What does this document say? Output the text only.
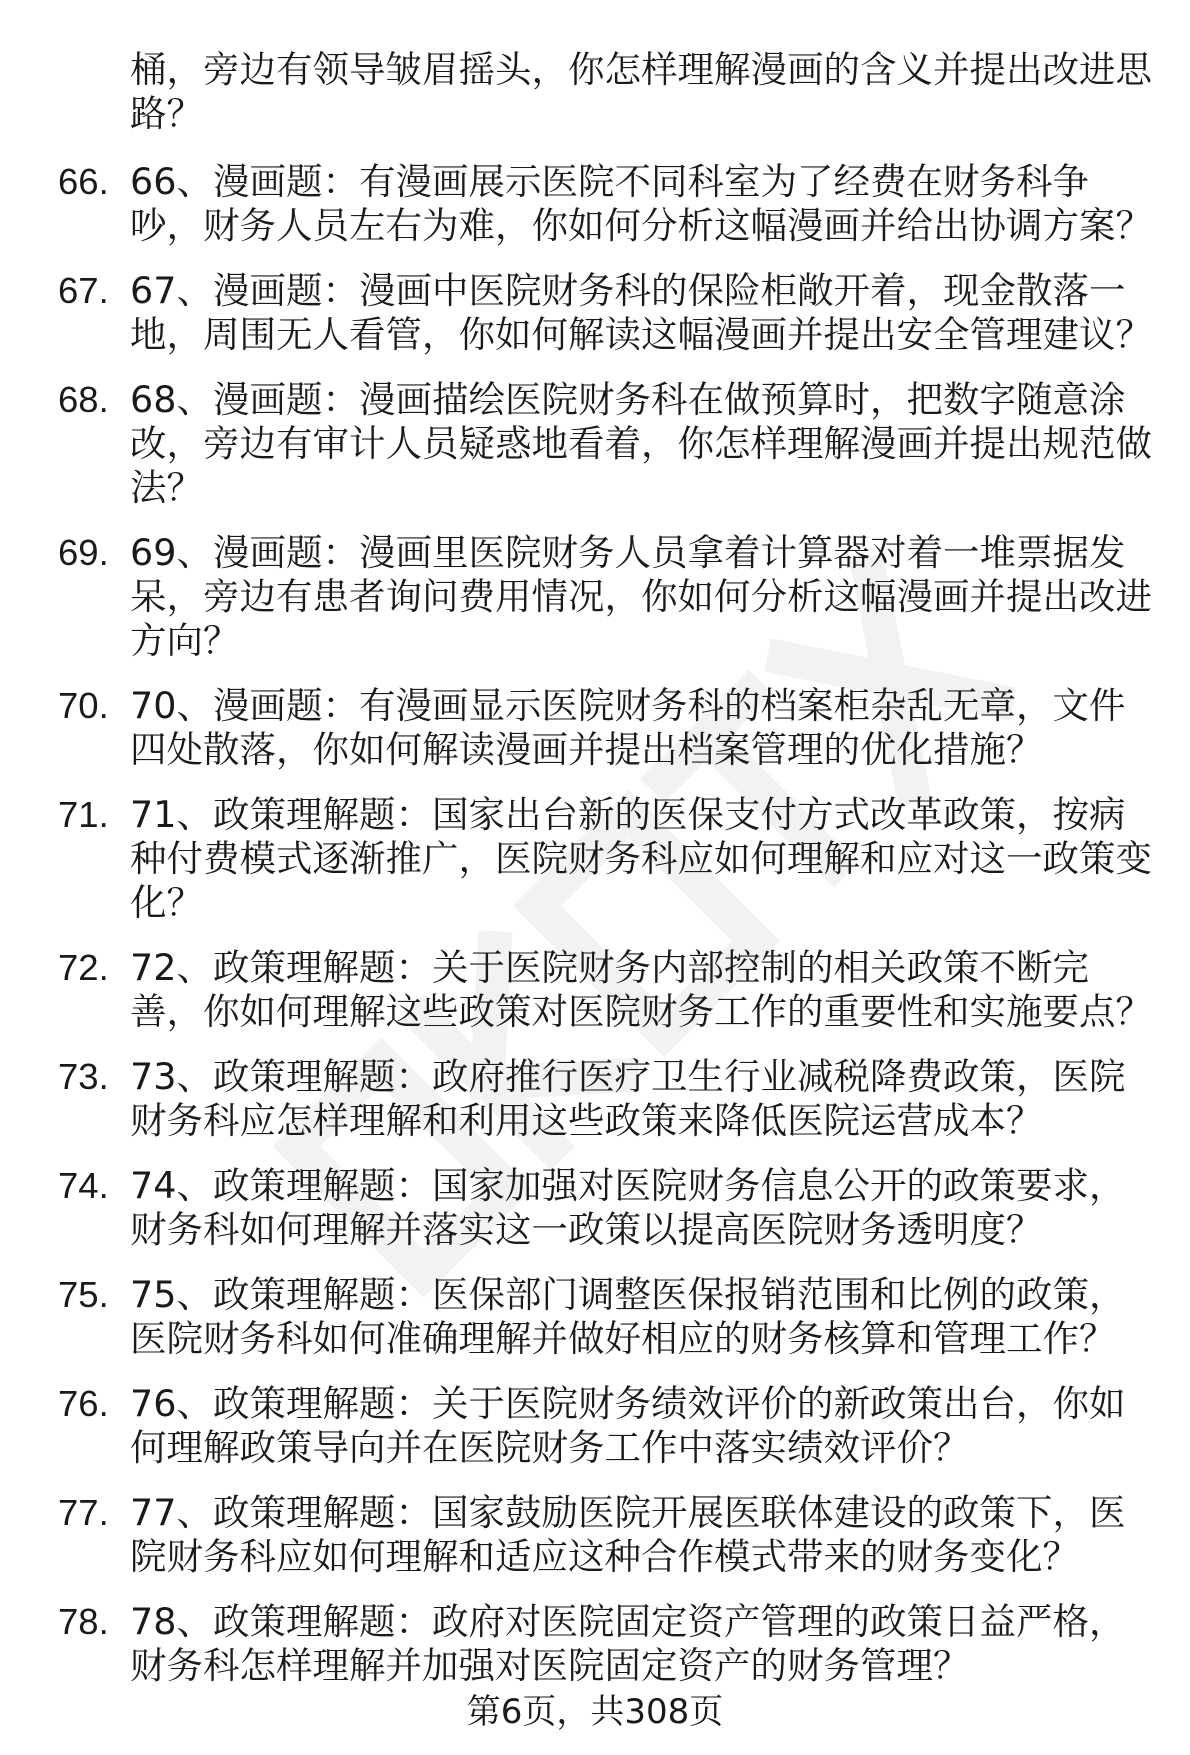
桶，旁边有领导皱眉摇头，你怎样理解漫画的含义并提出改进思路？
66. 66、漫画题：有漫画展示医院不同科室为了经费在财务科争吵，财务人员左右为难，你如何分析这幅漫画并给出协调方案？
67. 67、漫画题：漫画中医院财务科的保险柜敞开着，现金散落一地，周围无人看管，你如何解读这幅漫画并提出安全管理建议？
68. 68、漫画题：漫画描绘医院财务科在做预算时，把数字随意涂改，旁边有审计人员疑惑地看着，你怎样理解漫画并提出规范做法？
69. 69、漫画题：漫画里医院财务人员拿着计算器对着一堆票据发呆，旁边有患者询问费用情况，你如何分析这幅漫画并提出改进方向？
70. 70、漫画题：有漫画显示医院财务科的档案柜杂乱无章，文件四处散落，你如何解读漫画并提出档案管理的优化措施？
71. 71、政策理解题：国家出台新的医保支付方式改革政策，按病种付费模式逐渐推广，医院财务科应如何理解和应对这一政策变化？
72. 72、政策理解题：关于医院财务内部控制的相关政策不断完善，你如何理解这些政策对医院财务工作的重要性和实施要点？
73. 73、政策理解题：政府推行医疗卫生行业减税降费政策，医院财务科应怎样理解和利用这些政策来降低医院运营成本？
74. 74、政策理解题：国家加强对医院财务信息公开的政策要求，财务科如何理解并落实这一政策以提高医院财务透明度？
75. 75、政策理解题：医保部门调整医保报销范围和比例的政策，医院财务科如何准确理解并做好相应的财务核算和管理工作？
76. 76、政策理解题：关于医院财务绩效评价的新政策出台，你如何理解政策导向并在医院财务工作中落实绩效评价？
77. 77、政策理解题：国家鼓励医院开展医联体建设的政策下，医院财务科应如何理解和适应这种合作模式带来的财务变化？
78. 78、政策理解题：政府对医院固定资产管理的政策日益严格，财务科怎样理解并加强对医院固定资产的财务管理？
第6页，共308页
